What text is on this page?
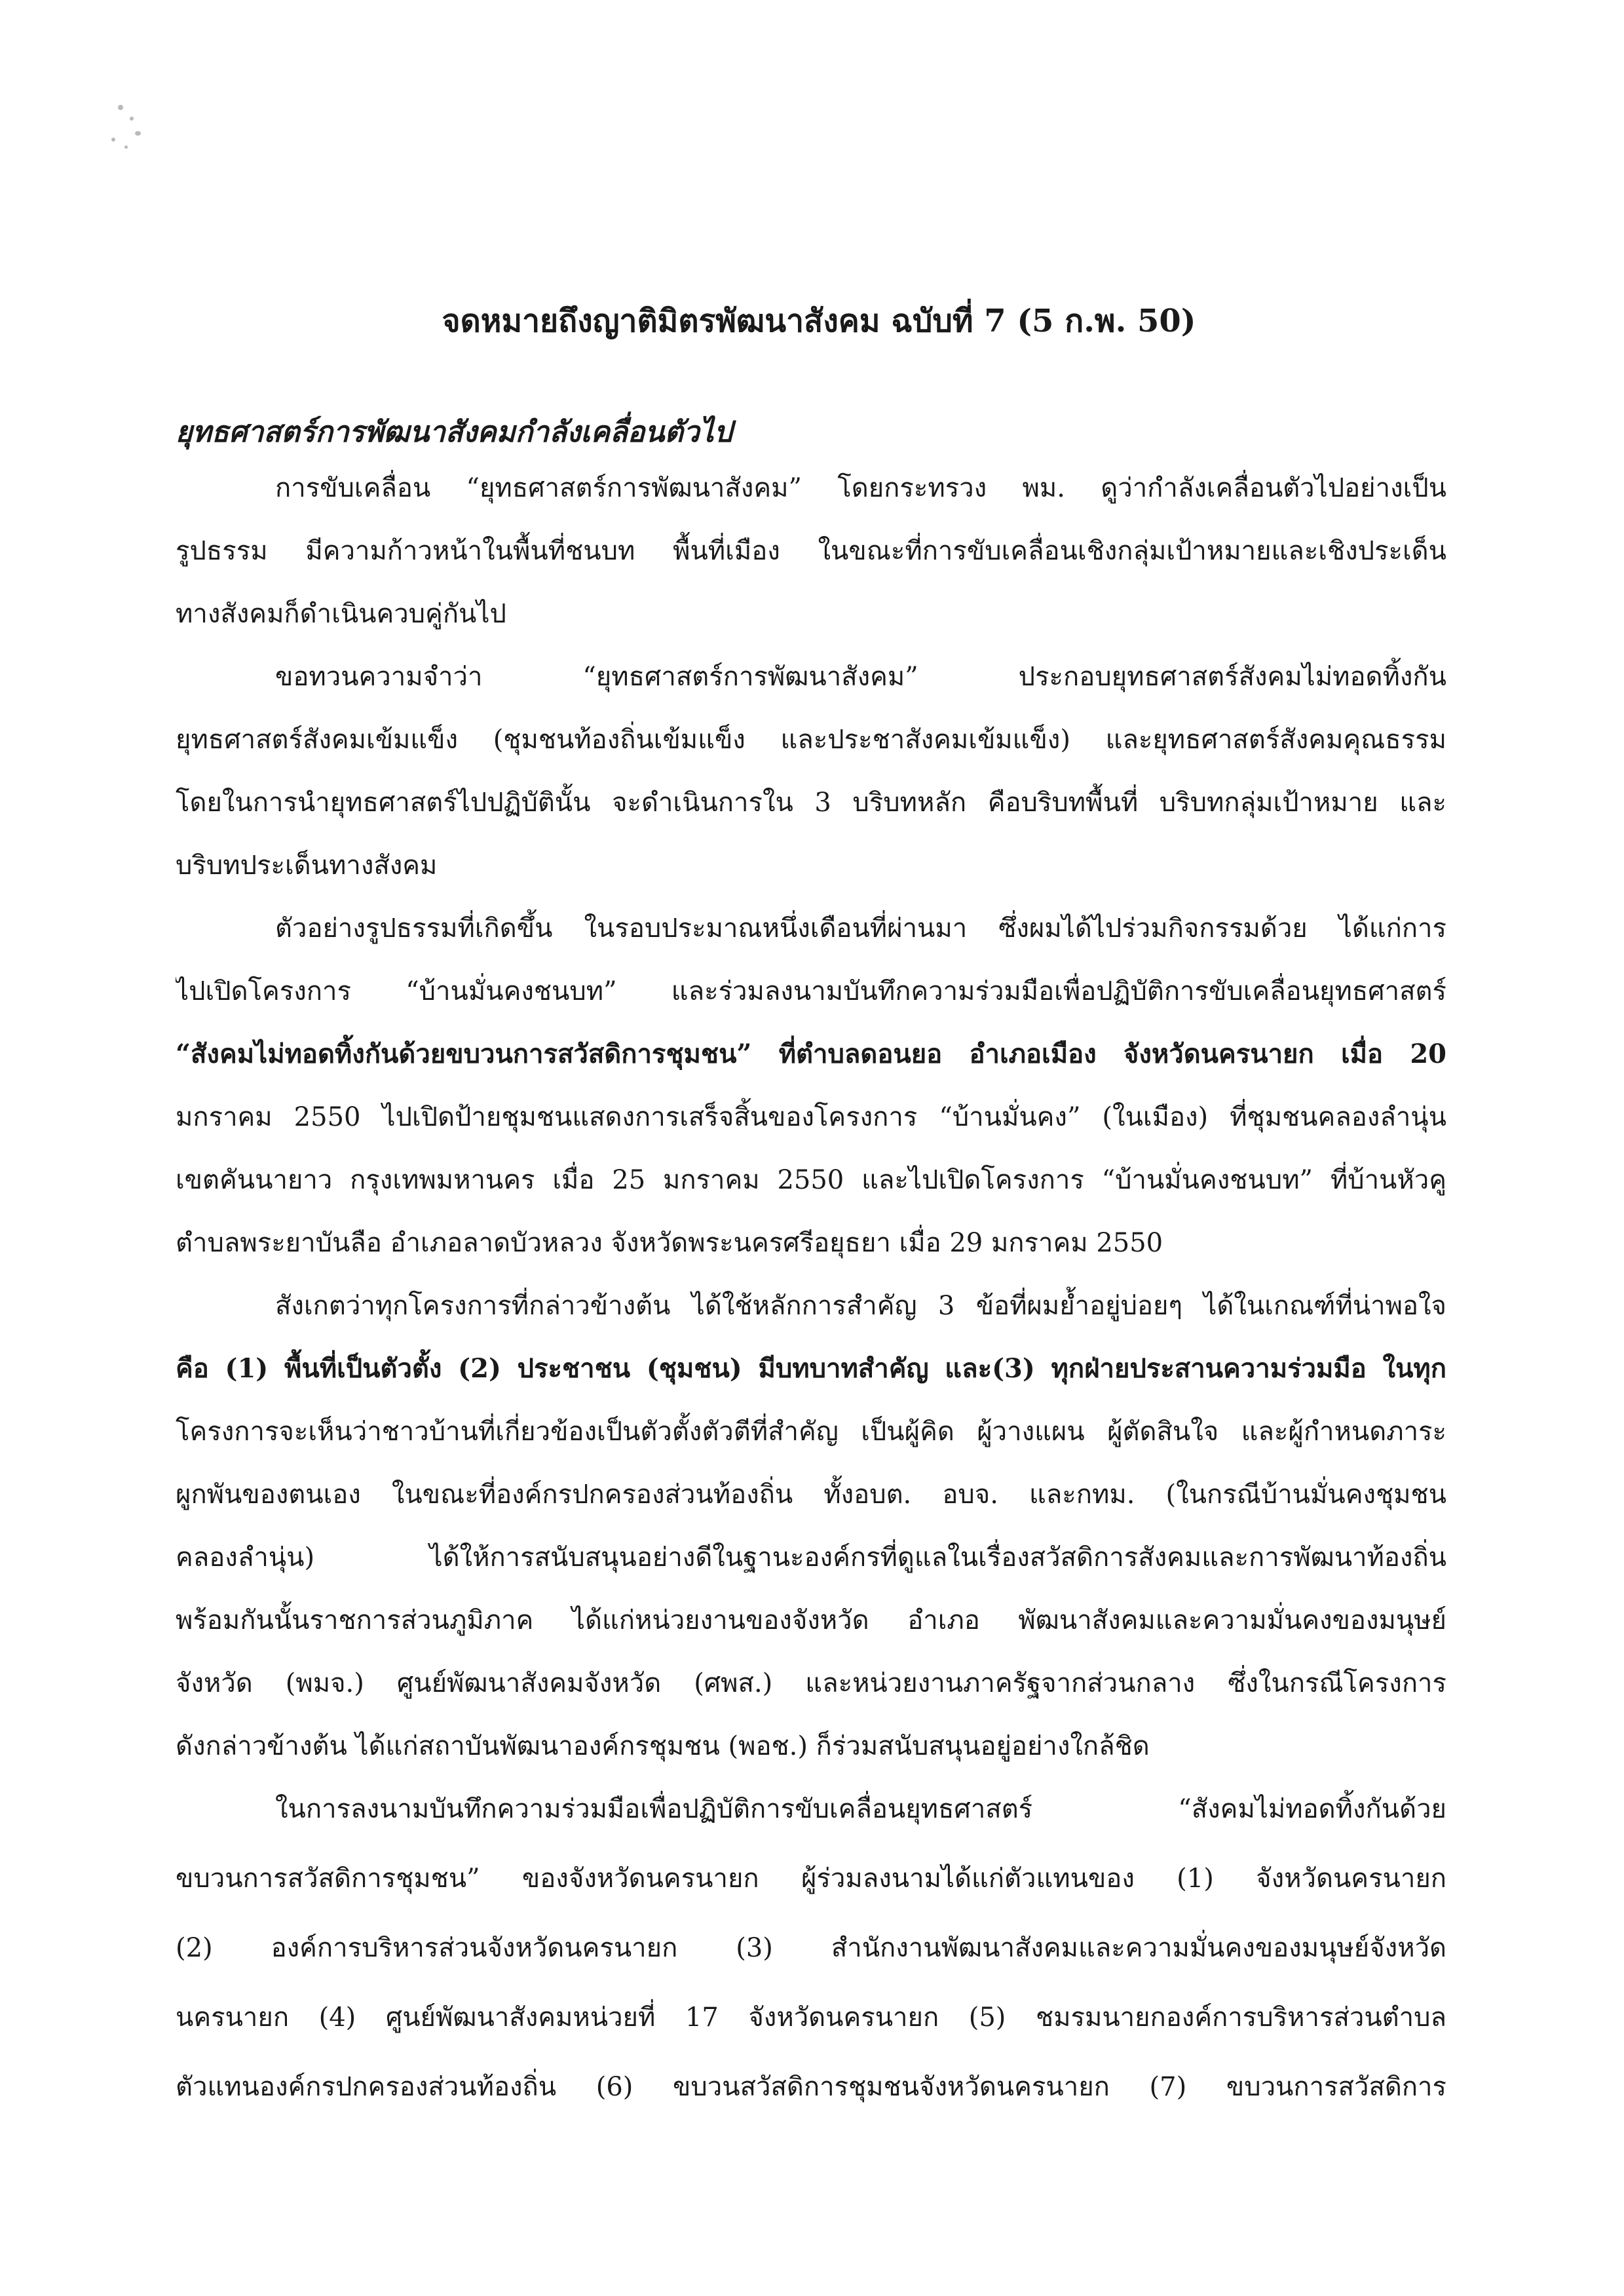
จดหมายถึงญาติมิตรพัฒนาสังคม ฉบับที่ 7 (5 ก.พ. 50)
ยุทธศาสตร์การพัฒนาสังคมกำลังเคลื่อนตัวไป
การขับเคลื่อน “ยุทธศาสตร์การพัฒนาสังคม” โดยกระทรวง พม. ดูว่ากำลังเคลื่อนตัวไปอย่างเป็น
รูปธรรม มีความก้าวหน้าในพื้นที่ชนบท พื้นที่เมือง ในขณะที่การขับเคลื่อนเชิงกลุ่มเป้าหมายและเชิงประเด็น
ทางสังคมก็ดำเนินควบคู่กันไป
ขอทวนความจำว่า “ยุทธศาสตร์การพัฒนาสังคม” ประกอบยุทธศาสตร์สังคมไม่ทอดทิ้งกัน
ยุทธศาสตร์สังคมเข้มแข็ง (ชุมชนท้องถิ่นเข้มแข็ง และประชาสังคมเข้มแข็ง) และยุทธศาสตร์สังคมคุณธรรม
โดยในการนำยุทธศาสตร์ไปปฏิบัตินั้น จะดำเนินการใน 3 บริบทหลัก คือบริบทพื้นที่ บริบทกลุ่มเป้าหมาย และ
บริบทประเด็นทางสังคม
ตัวอย่างรูปธรรมที่เกิดขึ้น ในรอบประมาณหนึ่งเดือนที่ผ่านมา ซึ่งผมได้ไปร่วมกิจกรรมด้วย ได้แก่การ
ไปเปิดโครงการ “บ้านมั่นคงชนบท” และร่วมลงนามบันทึกความร่วมมือเพื่อปฏิบัติการขับเคลื่อนยุทธศาสตร์
“สังคมไม่ทอดทิ้งกันด้วยขบวนการสวัสดิการชุมชน” ที่ตำบลดอนยอ อำเภอเมือง จังหวัดนครนายก เมื่อ 20
มกราคม 2550 ไปเปิดป้ายชุมชนแสดงการเสร็จสิ้นของโครงการ “บ้านมั่นคง” (ในเมือง) ที่ชุมชนคลองลำนุ่น
เขตคันนายาว กรุงเทพมหานคร เมื่อ 25 มกราคม 2550 และไปเปิดโครงการ “บ้านมั่นคงชนบท” ที่บ้านหัวคู
ตำบลพระยาบันลือ อำเภอลาดบัวหลวง จังหวัดพระนครศรีอยุธยา เมื่อ 29 มกราคม 2550
สังเกตว่าทุกโครงการที่กล่าวข้างต้น ได้ใช้หลักการสำคัญ 3 ข้อที่ผมย้ำอยู่บ่อยๆ ได้ในเกณฑ์ที่น่าพอใจ
คือ (1) พื้นที่เป็นตัวตั้ง (2) ประชาชน (ชุมชน) มีบทบาทสำคัญ และ(3) ทุกฝ่ายประสานความร่วมมือ ในทุก
โครงการจะเห็นว่าชาวบ้านที่เกี่ยวข้องเป็นตัวตั้งตัวตีที่สำคัญ เป็นผู้คิด ผู้วางแผน ผู้ตัดสินใจ และผู้กำหนดภาระ
ผูกพันของตนเอง ในขณะที่องค์กรปกครองส่วนท้องถิ่น ทั้งอบต. อบจ. และกทม. (ในกรณีบ้านมั่นคงชุมชน
คลองลำนุ่น) ได้ให้การสนับสนุนอย่างดีในฐานะองค์กรที่ดูแลในเรื่องสวัสดิการสังคมและการพัฒนาท้องถิ่น
พร้อมกันนั้นราชการส่วนภูมิภาค ได้แก่หน่วยงานของจังหวัด อำเภอ พัฒนาสังคมและความมั่นคงของมนุษย์
จังหวัด (พมจ.) ศูนย์พัฒนาสังคมจังหวัด (ศพส.) และหน่วยงานภาครัฐจากส่วนกลาง ซึ่งในกรณีโครงการ
ดังกล่าวข้างต้น ได้แก่สถาบันพัฒนาองค์กรชุมชน (พอช.) ก็ร่วมสนับสนุนอยู่อย่างใกล้ชิด
ในการลงนามบันทึกความร่วมมือเพื่อปฏิบัติการขับเคลื่อนยุทธศาสตร์ “สังคมไม่ทอดทิ้งกันด้วย
ขบวนการสวัสดิการชุมชน” ของจังหวัดนครนายก ผู้ร่วมลงนามได้แก่ตัวแทนของ (1) จังหวัดนครนายก
(2) องค์การบริหารส่วนจังหวัดนครนายก (3) สำนักงานพัฒนาสังคมและความมั่นคงของมนุษย์จังหวัด
นครนายก (4) ศูนย์พัฒนาสังคมหน่วยที่ 17 จังหวัดนครนายก (5) ชมรมนายกองค์การบริหารส่วนตำบล
ตัวแทนองค์กรปกครองส่วนท้องถิ่น (6) ขบวนสวัสดิการชุมชนจังหวัดนครนายก (7) ขบวนการสวัสดิการ
